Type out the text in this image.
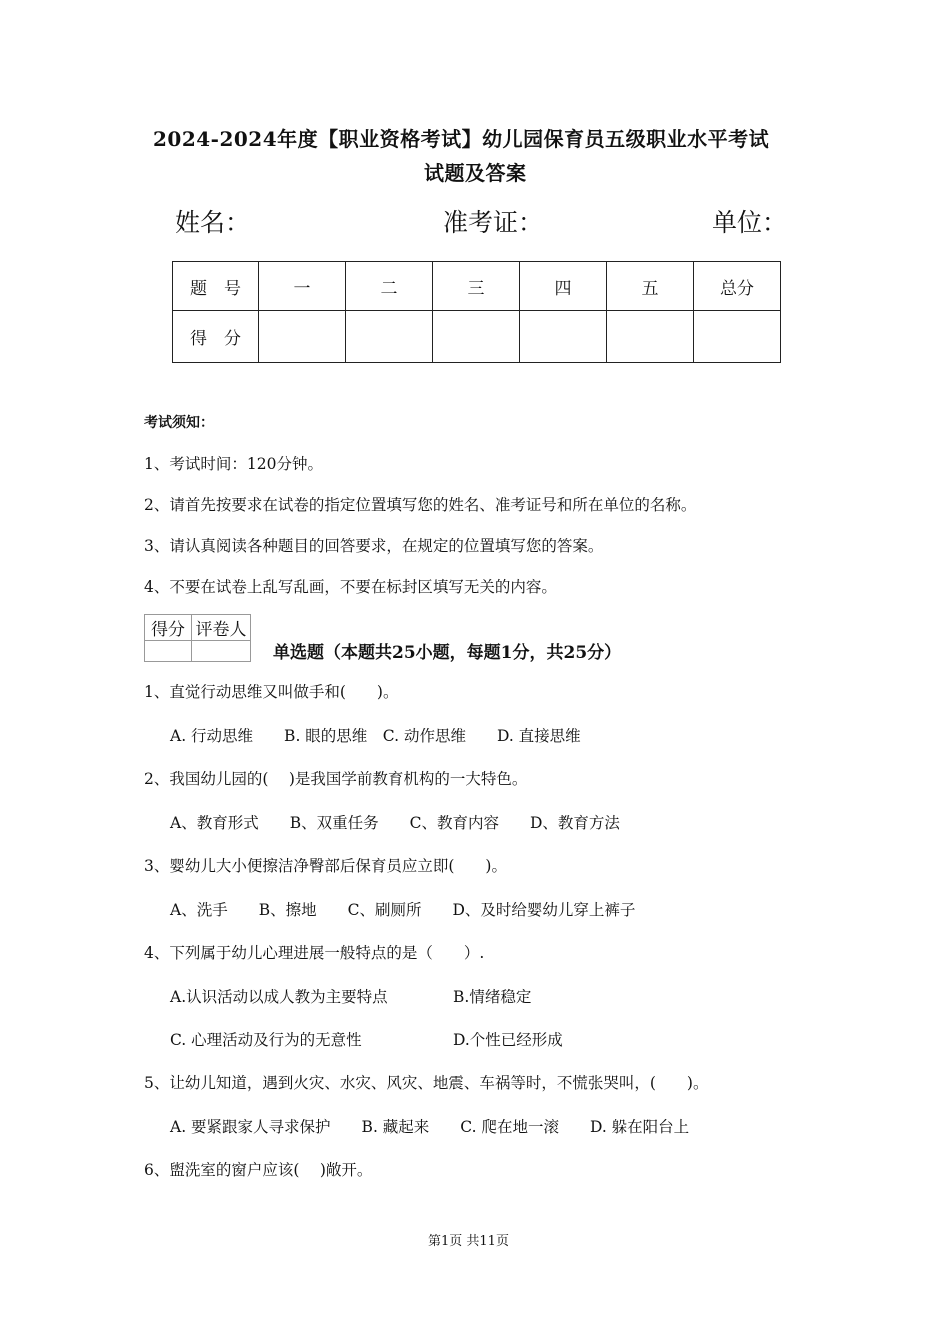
2024-2024年度【职业资格考试】幼儿园保育员五级职业水平考试
试题及答案
姓名：	准考证：	单位：
题　号	一	二	三	四	五	总分
得　分						
考试须知：
1、考试时间：120分钟。
2、请首先按要求在试卷的指定位置填写您的姓名、准考证号和所在单位的名称。
3、请认真阅读各种题目的回答要求，在规定的位置填写您的答案。
4、不要在试卷上乱写乱画，不要在标封区填写无关的内容。
得分	评卷人

单选题（本题共25小题，每题1分，共25分）
1、直觉行动思维又叫做手和(　　)。
A. 行动思维　　B. 眼的思维　C. 动作思维　　D. 直接思维
2、我国幼儿园的(　 )是我国学前教育机构的一大特色。
A、教育形式　　B、双重任务　　C、教育内容　　D、教育方法
3、婴幼儿大小便擦洁净臀部后保育员应立即(　　)。
A、洗手　　B、擦地　　C、刷厕所　　D、及时给婴幼儿穿上裤子
4、下列属于幼儿心理进展一般特点的是（　　）.
A.认识活动以成人教为主要特点	B.情绪稳定
C. 心理活动及行为的无意性	D.个性已经形成
5、让幼儿知道，遇到火灾、水灾、风灾、地震、车祸等时，不慌张哭叫，(　　)。
A. 要紧跟家人寻求保护　　B. 藏起来　　C. 爬在地一滚　　D. 躲在阳台上
6、盥洗室的窗户应该(　 )敞开。
第1页 共11页
